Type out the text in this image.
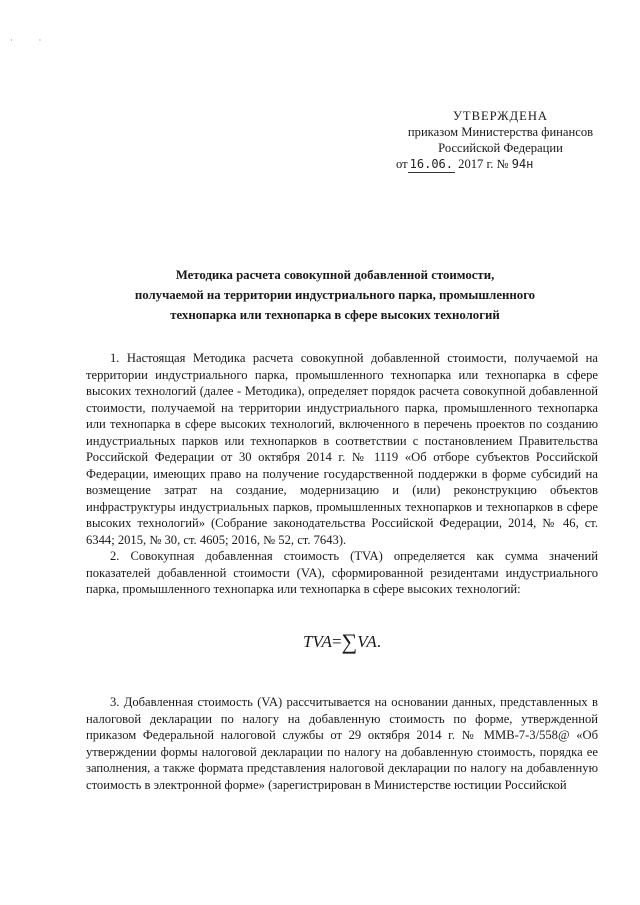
· ·
УТВЕРЖДЕНА
приказом Министерства финансов
Российской Федерации
от 16.06. 2017 г. № 94н
Методика расчета совокупной добавленной стоимости,
получаемой на территории индустриального парка, промышленного
технопарка или технопарка в сфере высоких технологий

1. Настоящая Методика расчета совокупной добавленной стоимости, получаемой на территории индустриального парка, промышленного технопарка или технопарка в сфере высоких технологий (далее - Методика), определяет порядок расчета совокупной добавленной стоимости, получаемой на территории индустриального парка, промышленного технопарка или технопарка в сфере высоких технологий, включенного в перечень проектов по созданию индустриальных парков или технопарков в соответствии с постановлением Правительства Российской Федерации от 30 октября 2014 г. № 1119 «Об отборе субъектов Российской Федерации, имеющих право на получение государственной поддержки в форме субсидий на возмещение затрат на создание, модернизацию и (или) реконструкцию объектов инфраструктуры индустриальных парков, промышленных технопарков и технопарков в сфере высоких технологий» (Собрание законодательства Российской Федерации, 2014, № 46, ст. 6344; 2015, № 30, ст. 4605; 2016, № 52, ст. 7643).

2. Совокупная добавленная стоимость (TVA) определяется как сумма значений показателей добавленной стоимости (VA), сформированной резидентами индустриального парка, промышленного технопарка или технопарка в сфере высоких технологий:

TVA=∑VA.

3. Добавленная стоимость (VA) рассчитывается на основании данных, представленных в налоговой декларации по налогу на добавленную стоимость по форме, утвержденной приказом Федеральной налоговой службы от 29 октября 2014 г. № ММВ-7-3/558@ «Об утверждении формы налоговой декларации по налогу на добавленную стоимость, порядка ее заполнения, а также формата представления налоговой декларации по налогу на добавленную стоимость в электронной форме» (зарегистрирован в Министерстве юстиции Российской
